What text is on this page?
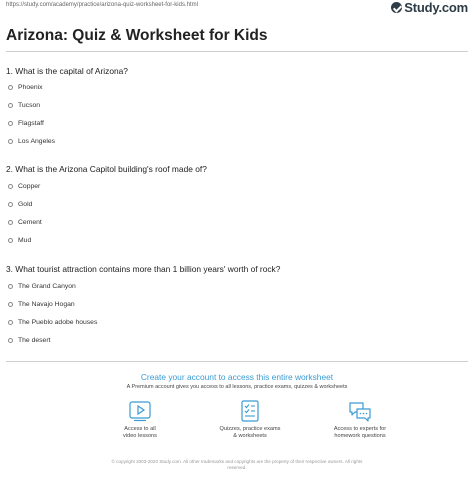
https://study.com/academy/practice/arizona-quiz-worksheet-for-kids.html	Study.com
Arizona: Quiz & Worksheet for Kids
1. What is the capital of Arizona?
Phoenix
Tucson
Flagstaff
Los Angeles
2. What is the Arizona Capitol building's roof made of?
Copper
Gold
Cement
Mud
3. What tourist attraction contains more than 1 billion years' worth of rock?
The Grand Canyon
The Navajo Hogan
The Pueblo adobe houses
The desert
Create your account to access this entire worksheet
A Premium account gives you access to all lessons, practice exams, quizzes & worksheets
Access to all
video lessons
Quizzes, practice exams
& worksheets
Access to experts for
homework questions
© copyright 2003-2020 Study.com. All other trademarks and copyrights are the property of their respective owners. All rights
reserved.
